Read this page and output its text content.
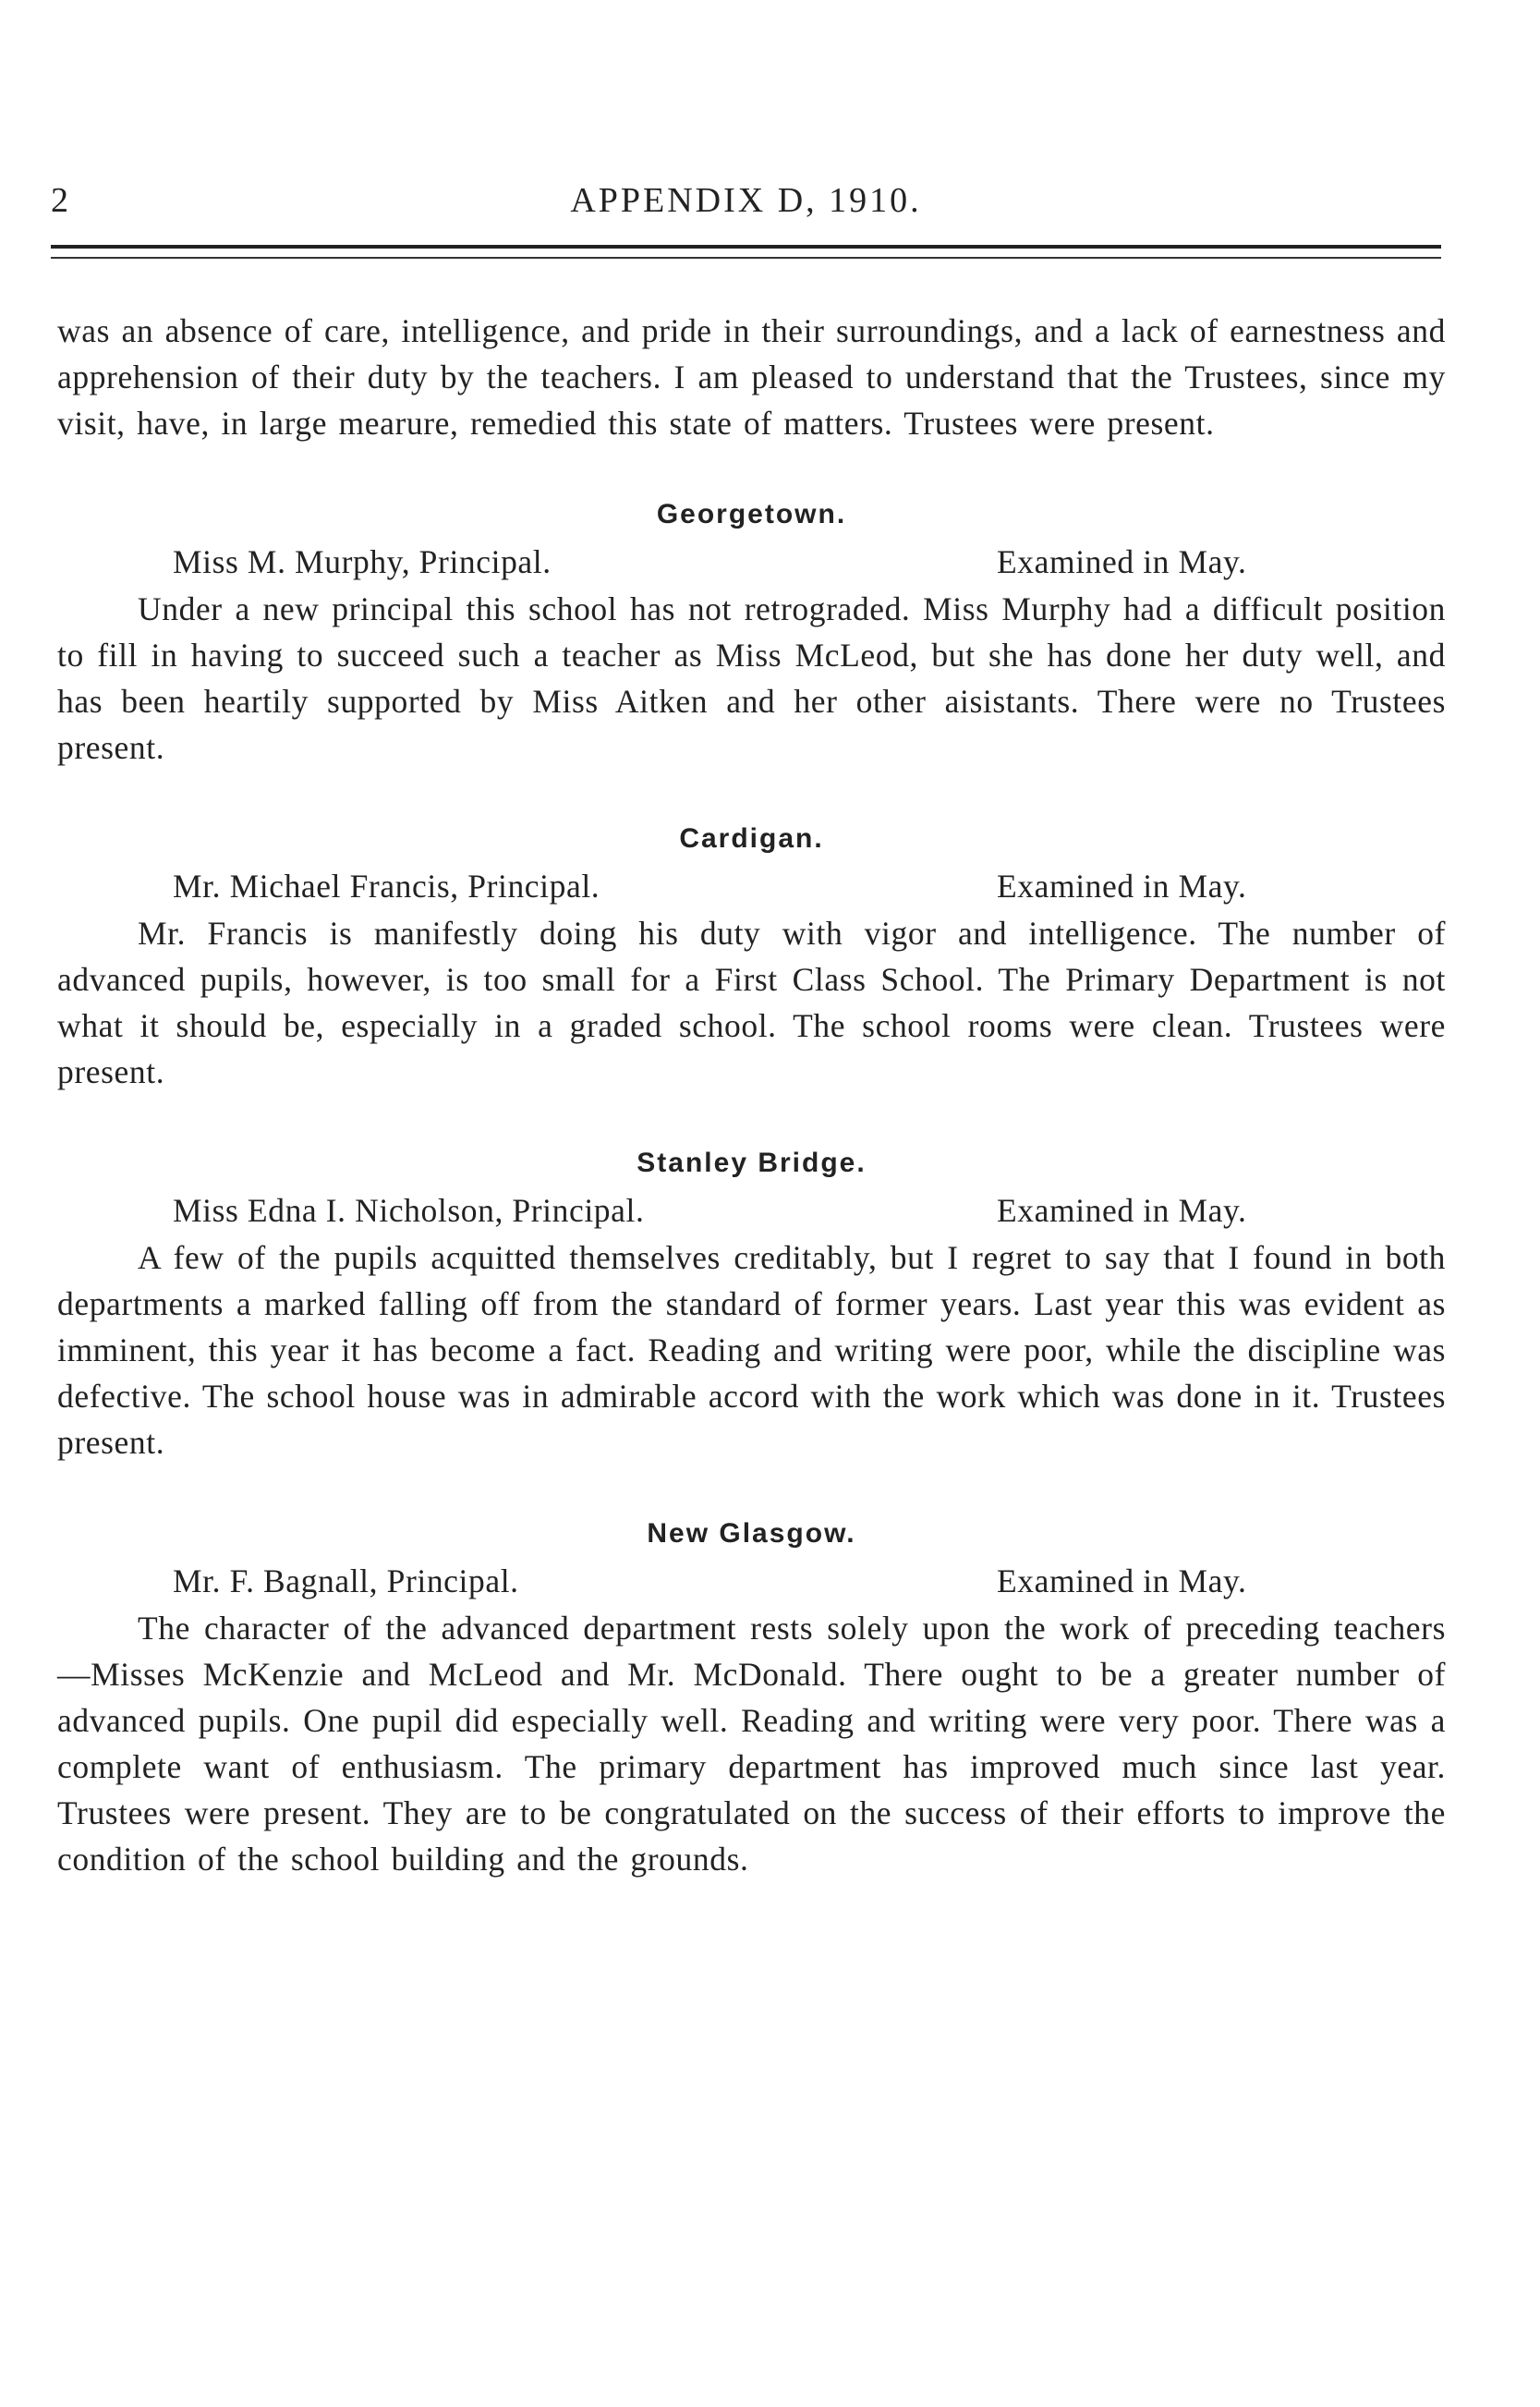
2	APPENDIX D, 1910.

was an absence of care, intelligence, and pride in their surroundings, and a lack of earnestness and apprehension of their duty by the teachers. I am pleased to understand that the Trustees, since my visit, have, in large mearure, remedied this state of matters. Trustees were present.

Georgetown.
Miss M. Murphy, Principal.	Examined in May.

Under a new principal this school has not retrograded. Miss Murphy had a difficult position to fill in having to succeed such a teacher as Miss McLeod, but she has done her duty well, and has been heartily supported by Miss Aitken and her other aisistants. There were no Trustees present.

Cardigan.
Mr. Michael Francis, Principal.	Examined in May.

Mr. Francis is manifestly doing his duty with vigor and intelligence. The number of advanced pupils, however, is too small for a First Class School. The Primary Department is not what it should be, especially in a graded school. The school rooms were clean. Trustees were present.

Stanley Bridge.
Miss Edna I. Nicholson, Principal.	Examined in May.

A few of the pupils acquitted themselves creditably, but I regret to say that I found in both departments a marked falling off from the standard of former years. Last year this was evident as imminent, this year it has become a fact. Reading and writing were poor, while the discipline was defective. The school house was in admirable accord with the work which was done in it. Trustees present.

New Glasgow.
Mr. F. Bagnall, Principal.	Examined in May.

The character of the advanced department rests solely upon the work of preceding teachers—Misses McKenzie and McLeod and Mr. McDonald. There ought to be a greater number of advanced pupils. One pupil did especially well. Reading and writing were very poor. There was a complete want of enthusiasm. The primary department has improved much since last year. Trustees were present. They are to be congratulated on the success of their efforts to improve the condition of the school building and the grounds.
